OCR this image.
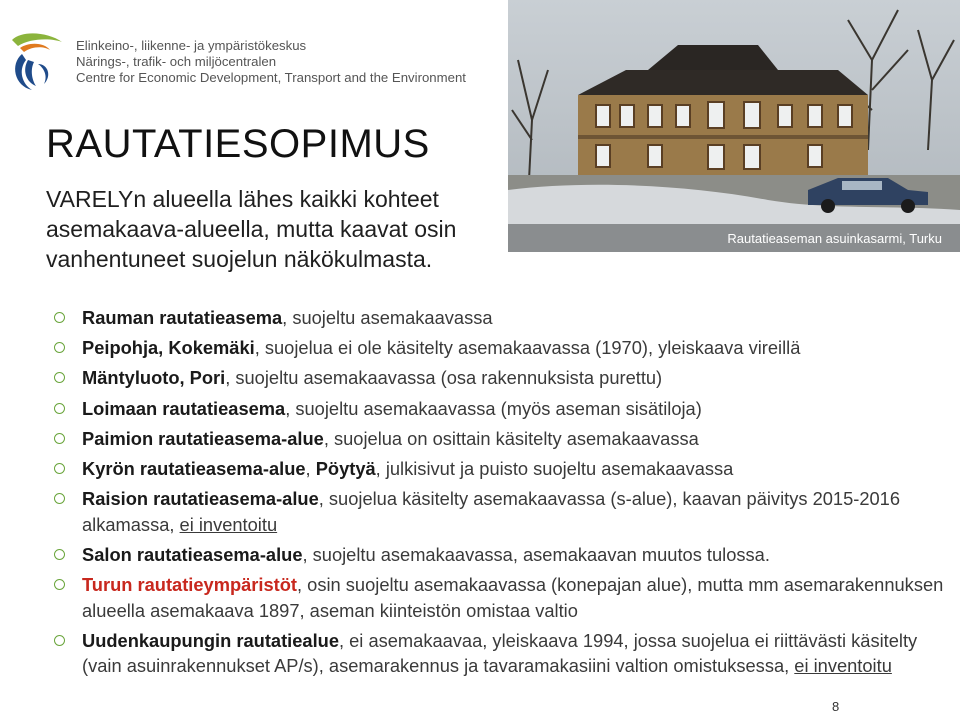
Elinkeino-, liikenne- ja ympäristökeskus
Närings-, trafik- och miljöcentralen
Centre for Economic Development, Transport and the Environment
RAUTATIESOPIMUS
VARELYn alueella lähes kaikki kohteet asemakaava-alueella, mutta kaavat osin vanhentuneet suojelun näkökulmasta.
Rautatieaseman asuinkasarmi, Turku
Rauman rautatieasema, suojeltu asemakaavassa
Peipohja, Kokemäki, suojelua ei ole käsitelty asemakaavassa (1970), yleiskaava vireillä
Mäntyluoto, Pori, suojeltu asemakaavassa (osa rakennuksista purettu)
Loimaan rautatieasema, suojeltu asemakaavassa (myös aseman sisätiloja)
Paimion rautatieasema-alue, suojelua on osittain käsitelty asemakaavassa
Kyrön rautatieasema-alue, Pöytyä, julkisivut ja puisto suojeltu asemakaavassa
Raision rautatieasema-alue, suojelua käsitelty asemakaavassa (s-alue), kaavan päivitys 2015-2016 alkamassa, ei inventoitu
Salon rautatieasema-alue, suojeltu asemakaavassa, asemakaavan muutos tulossa.
Turun rautatieympäristöt, osin suojeltu asemakaavassa (konepajan alue), mutta mm asemarakennuksen alueella asemakaava 1897, aseman kiinteistön omistaa valtio
Uudenkaupungin rautatiealue, ei asemakaavaa, yleiskaava 1994, jossa suojelua ei riittävästi käsitelty (vain asuinrakennukset AP/s), asemarakennus ja tavaramakasiini valtion omistuksessa, ei inventoitu
8
